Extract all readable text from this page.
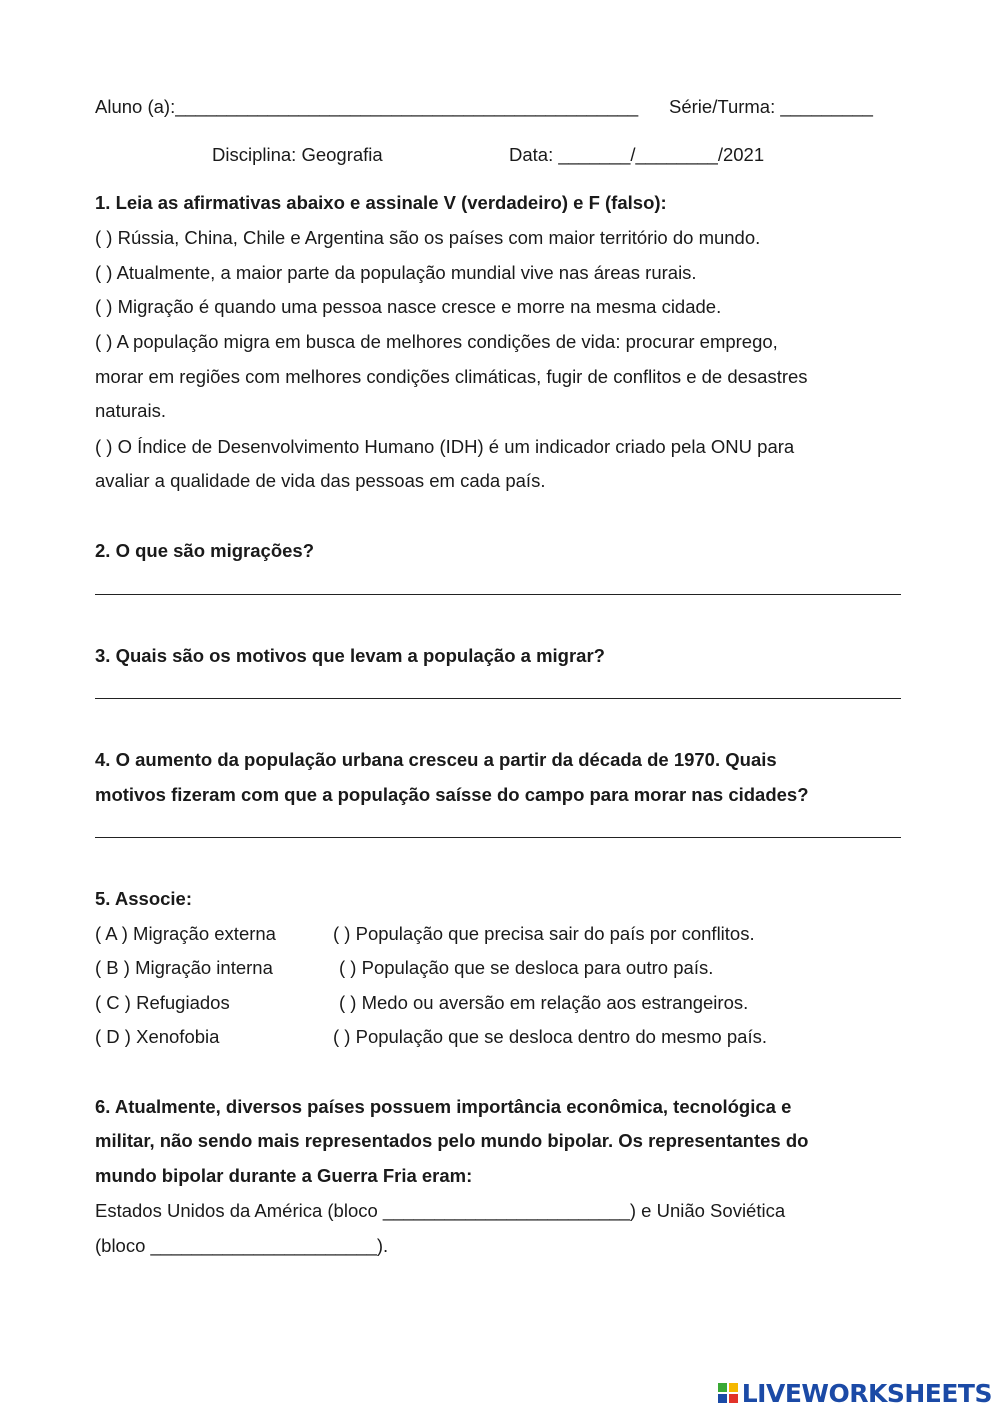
Aluno (a):_____________________________________________ Série/Turma: _________
Disciplina: Geografia	Data: _______/________/2021
1. Leia as afirmativas abaixo e assinale V (verdadeiro) e F (falso):
( ) Rússia, China, Chile e Argentina são os países com maior território do mundo.
( ) Atualmente, a maior parte da população mundial vive nas áreas rurais.
( ) Migração é quando uma pessoa nasce cresce e morre na mesma cidade.
( ) A população migra em busca de melhores condições de vida: procurar emprego,
morar em regiões com melhores condições climáticas, fugir de conflitos e de desastres
naturais.
( ) O Índice de Desenvolvimento Humano (IDH) é um indicador criado pela ONU para
avaliar a qualidade de vida das pessoas em cada país.
2. O que são migrações?
3. Quais são os motivos que levam a população a migrar?
4. O aumento da população urbana cresceu a partir da década de 1970. Quais
motivos fizeram com que a população saísse do campo para morar nas cidades?
5. Associe:
( A ) Migração externa
( B ) Migração interna
( C ) Refugiados
( D ) Xenofobia
( ) População que precisa sair do país por conflitos.
( ) População que se desloca para outro país.
( ) Medo ou aversão em relação aos estrangeiros.
( ) População que se desloca dentro do mesmo país.
6. Atualmente, diversos países possuem importância econômica, tecnológica e
militar, não sendo mais representados pelo mundo bipolar. Os representantes do
mundo bipolar durante a Guerra Fria eram:
Estados Unidos da América (bloco ________________________) e União Soviética
(bloco ______________________).
LIVEWORKSHEETS
